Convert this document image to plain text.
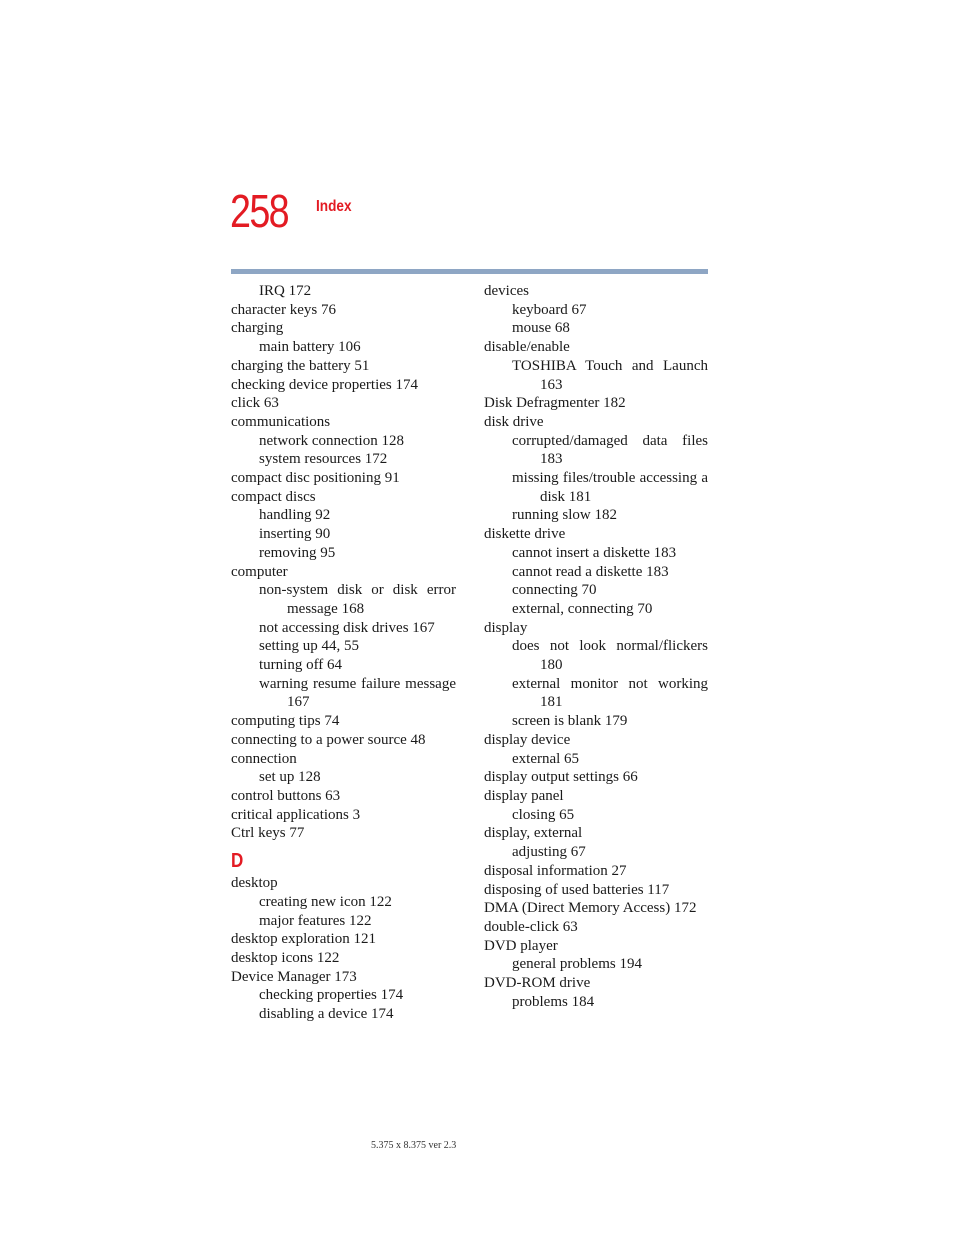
258 Index
IRQ 172
character keys 76
charging
main battery 106
charging the battery 51
checking device properties 174
click 63
communications
network connection 128
system resources 172
compact disc positioning 91
compact discs
handling 92
inserting 90
removing 95
computer
non-system disk or disk error message 168
not accessing disk drives 167
setting up 44, 55
turning off 64
warning resume failure message 167
computing tips 74
connecting to a power source 48
connection
set up 128
control buttons 63
critical applications 3
Ctrl keys 77
D
desktop
creating new icon 122
major features 122
desktop exploration 121
desktop icons 122
Device Manager 173
checking properties 174
disabling a device 174
devices
keyboard 67
mouse 68
disable/enable
TOSHIBA Touch and Launch 163
Disk Defragmenter 182
disk drive
corrupted/damaged data files 183
missing files/trouble accessing a disk 181
running slow 182
diskette drive
cannot insert a diskette 183
cannot read a diskette 183
connecting 70
external, connecting 70
display
does not look normal/flickers 180
external monitor not working 181
screen is blank 179
display device
external 65
display output settings 66
display panel
closing 65
display, external
adjusting 67
disposal information 27
disposing of used batteries 117
DMA (Direct Memory Access) 172
double-click 63
DVD player
general problems 194
DVD-ROM drive
problems 184
5.375 x 8.375 ver 2.3
